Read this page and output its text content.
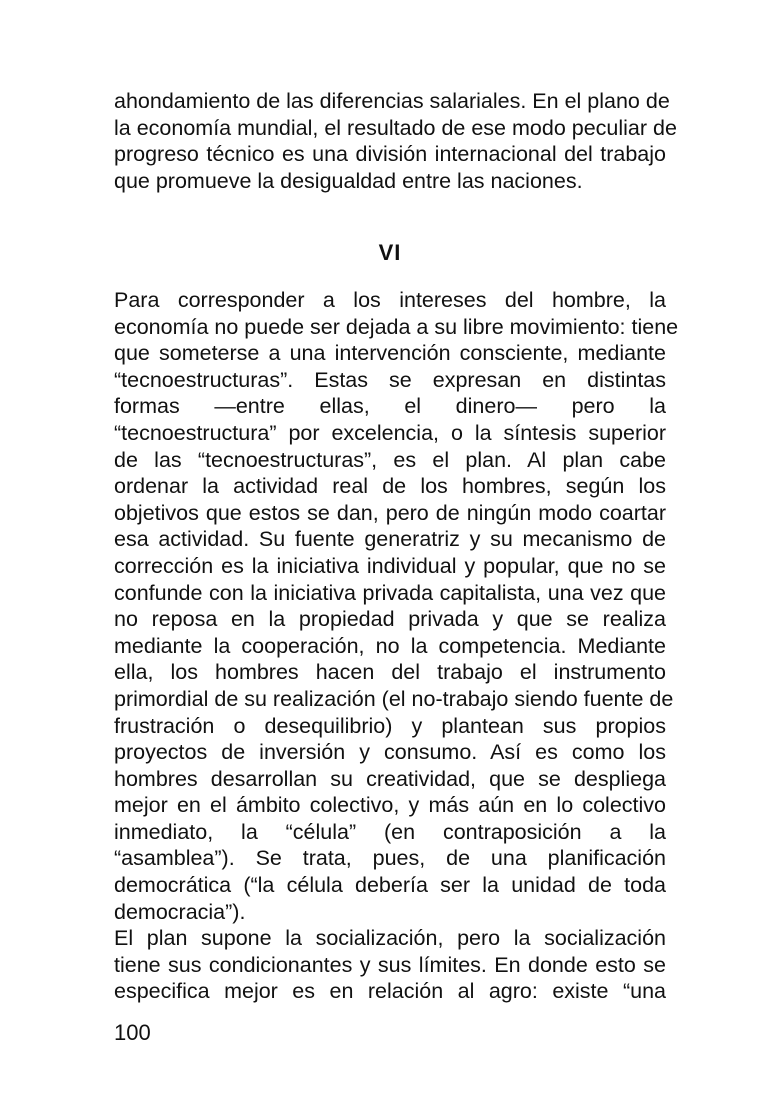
ahondamiento de las diferencias salariales. En el plano de
la economía mundial, el resultado de ese modo peculiar de
progreso técnico es una división internacional del trabajo
que promueve la desigualdad entre las naciones.
VI
Para corresponder a los intereses del hombre, la
economía no puede ser dejada a su libre movimiento: tiene
que someterse a una intervención consciente, mediante
“tecnoestructuras”. Estas se expresan en distintas
formas —entre ellas, el dinero— pero la
“tecnoestructura” por excelencia, o la síntesis superior
de las “tecnoestructuras”, es el plan. Al plan cabe
ordenar la actividad real de los hombres, según los
objetivos que estos se dan, pero de ningún modo coartar
esa actividad. Su fuente generatriz y su mecanismo de
corrección es la iniciativa individual y popular, que no se
confunde con la iniciativa privada capitalista, una vez que
no reposa en la propiedad privada y que se realiza
mediante la cooperación, no la competencia. Mediante
ella, los hombres hacen del trabajo el instrumento
primordial de su realización (el no-trabajo siendo fuente de
frustración o desequilibrio) y plantean sus propios
proyectos de inversión y consumo. Así es como los
hombres desarrollan su creatividad, que se despliega
mejor en el ámbito colectivo, y más aún en lo colectivo
inmediato, la “célula” (en contraposición a la
“asamblea”). Se trata, pues, de una planificación
democrática (“la célula debería ser la unidad de toda
democracia”).
El plan supone la socialización, pero la socialización
tiene sus condicionantes y sus límites. En donde esto se
especifica mejor es en relación al agro: existe “una
100
